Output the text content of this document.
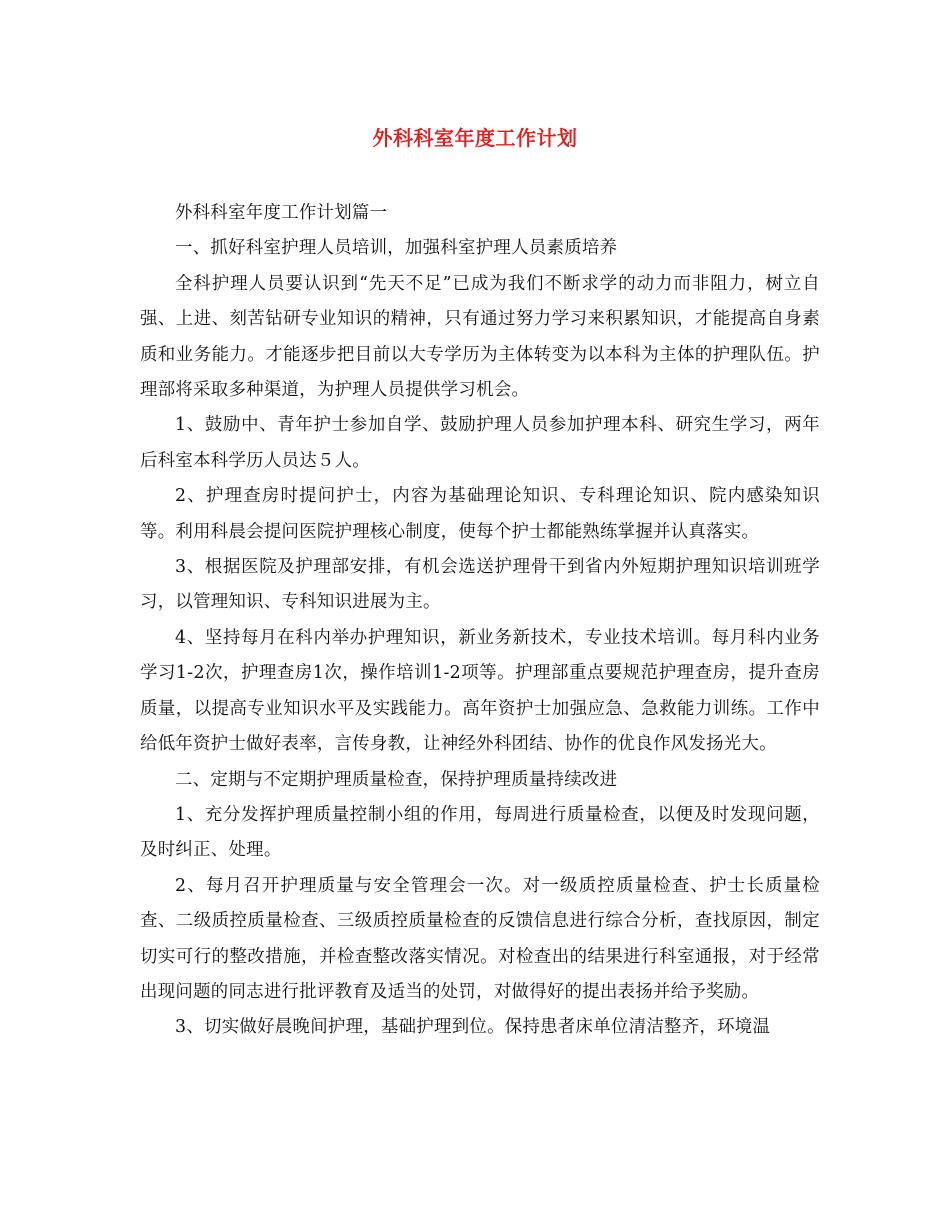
外科科室年度工作计划

外科科室年度工作计划篇一

一、抓好科室护理人员培训，加强科室护理人员素质培养

全科护理人员要认识到“先天不足”已成为我们不断求学的动力而非阻力，树立自强、上进、刻苦钻研专业知识的精神，只有通过努力学习来积累知识，才能提高自身素质和业务能力。才能逐步把目前以大专学历为主体转变为以本科为主体的护理队伍。护理部将采取多种渠道，为护理人员提供学习机会。

1、鼓励中、青年护士参加自学、鼓励护理人员参加护理本科、研究生学习，两年后科室本科学历人员达５人。

2、护理查房时提问护士，内容为基础理论知识、专科理论知识、院内感染知识等。利用科晨会提问医院护理核心制度，使每个护士都能熟练掌握并认真落实。

3、根据医院及护理部安排，有机会选送护理骨干到省内外短期护理知识培训班学习，以管理知识、专科知识进展为主。

4、坚持每月在科内举办护理知识，新业务新技术，专业技术培训。每月科内业务学习1-2次，护理查房1次，操作培训1-2项等。护理部重点要规范护理查房，提升查房质量，以提高专业知识水平及实践能力。高年资护士加强应急、急救能力训练。工作中给低年资护士做好表率，言传身教，让神经外科团结、协作的优良作风发扬光大。

二、定期与不定期护理质量检查，保持护理质量持续改进

1、充分发挥护理质量控制小组的作用，每周进行质量检查，以便及时发现问题，及时纠正、处理。

2、每月召开护理质量与安全管理会一次。对一级质控质量检查、护士长质量检查、二级质控质量检查、三级质控质量检查的反馈信息进行综合分析，查找原因，制定切实可行的整改措施，并检查整改落实情况。对检查出的结果进行科室通报，对于经常出现问题的同志进行批评教育及适当的处罚，对做得好的提出表扬并给予奖励。

3、切实做好晨晚间护理，基础护理到位。保持患者床单位清洁整齐，环境温
